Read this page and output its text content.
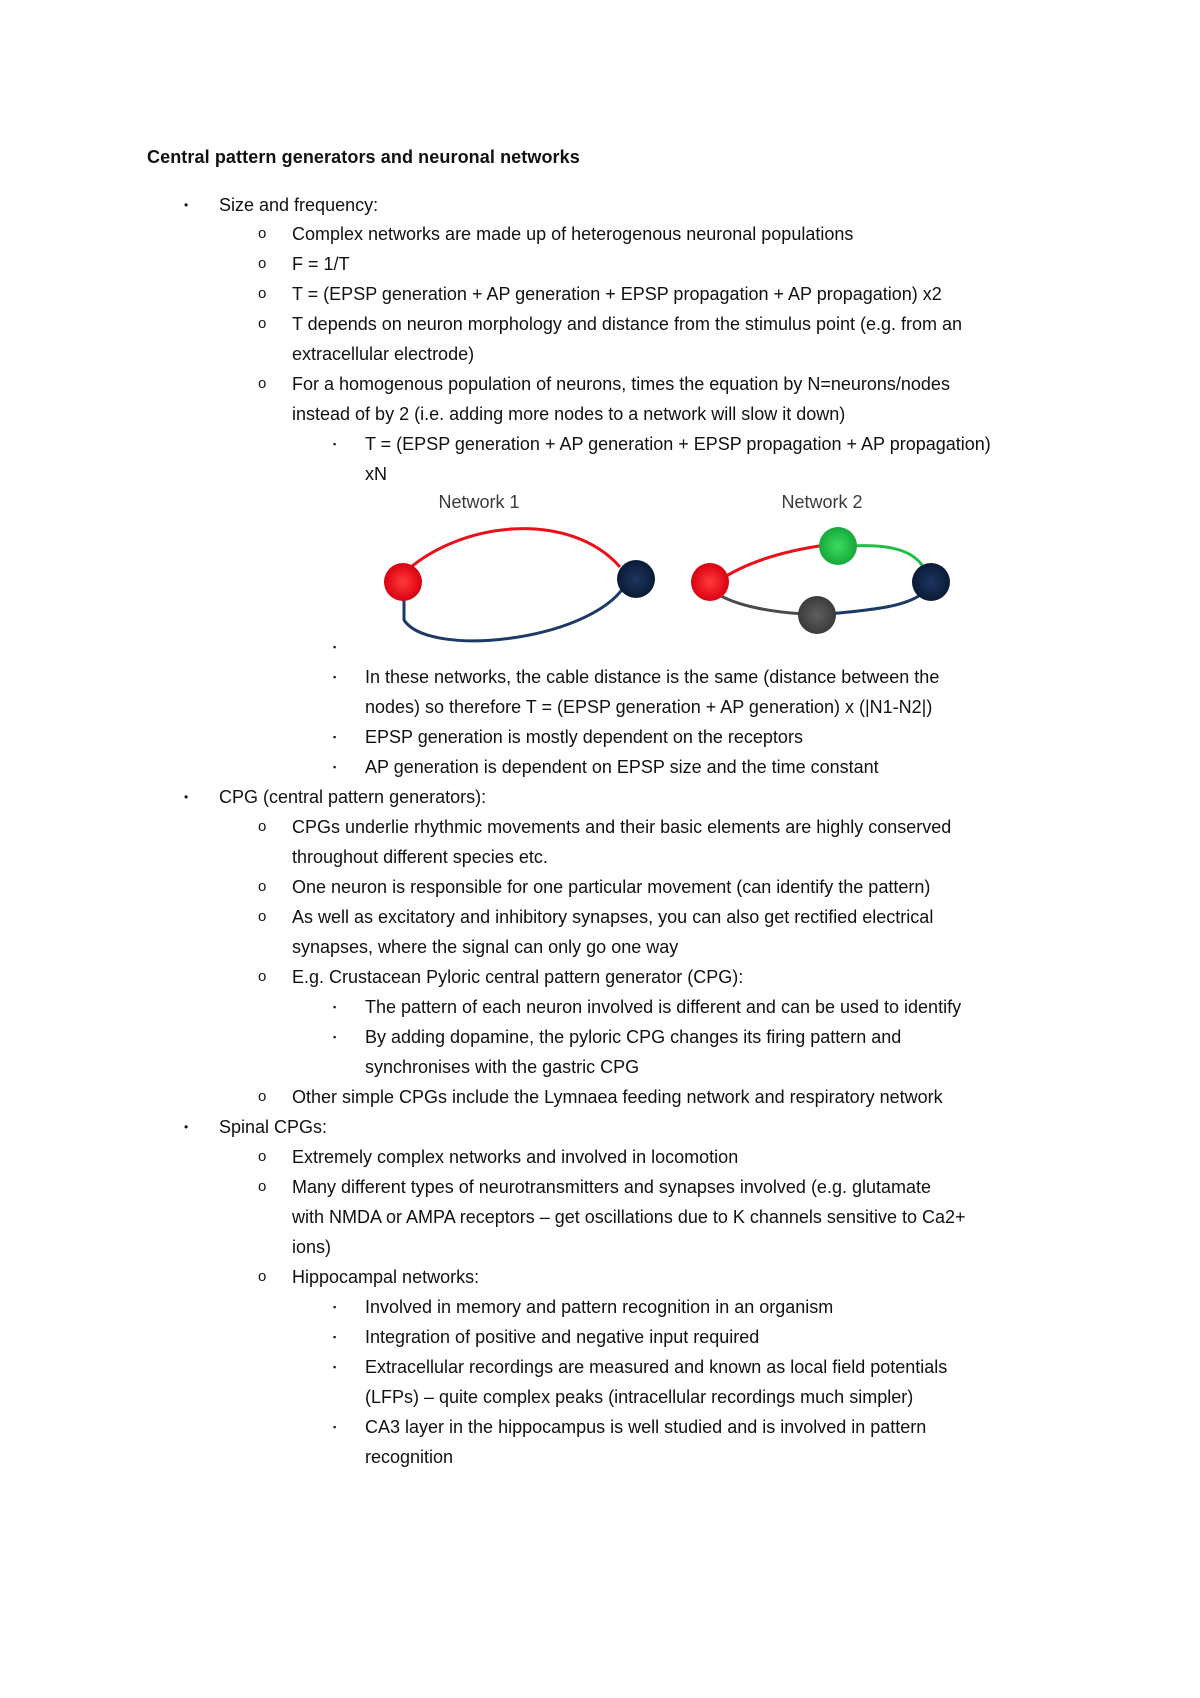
Central pattern generators and neuronal networks
• Size and frequency:
o Complex networks are made up of heterogenous neuronal populations
o F = 1/T
o T = (EPSP generation + AP generation + EPSP propagation + AP propagation) x2
o T depends on neuron morphology and distance from the stimulus point (e.g. from an
extracellular electrode)
o For a homogenous population of neurons, times the equation by N=neurons/nodes
instead of by 2 (i.e. adding more nodes to a network will slow it down)
▪ T = (EPSP generation + AP generation + EPSP propagation + AP propagation)
xN
Network 1	Network 2
▪
▪ In these networks, the cable distance is the same (distance between the
nodes) so therefore T = (EPSP generation + AP generation) x (|N1-N2|)
▪ EPSP generation is mostly dependent on the receptors
▪ AP generation is dependent on EPSP size and the time constant
• CPG (central pattern generators):
o CPGs underlie rhythmic movements and their basic elements are highly conserved
throughout different species etc.
o One neuron is responsible for one particular movement (can identify the pattern)
o As well as excitatory and inhibitory synapses, you can also get rectified electrical
synapses, where the signal can only go one way
o E.g. Crustacean Pyloric central pattern generator (CPG):
▪ The pattern of each neuron involved is different and can be used to identify
▪ By adding dopamine, the pyloric CPG changes its firing pattern and
synchronises with the gastric CPG
o Other simple CPGs include the Lymnaea feeding network and respiratory network
• Spinal CPGs:
o Extremely complex networks and involved in locomotion
o Many different types of neurotransmitters and synapses involved (e.g. glutamate
with NMDA or AMPA receptors – get oscillations due to K channels sensitive to Ca2+
ions)
o Hippocampal networks:
▪ Involved in memory and pattern recognition in an organism
▪ Integration of positive and negative input required
▪ Extracellular recordings are measured and known as local field potentials
(LFPs) – quite complex peaks (intracellular recordings much simpler)
▪ CA3 layer in the hippocampus is well studied and is involved in pattern
recognition
